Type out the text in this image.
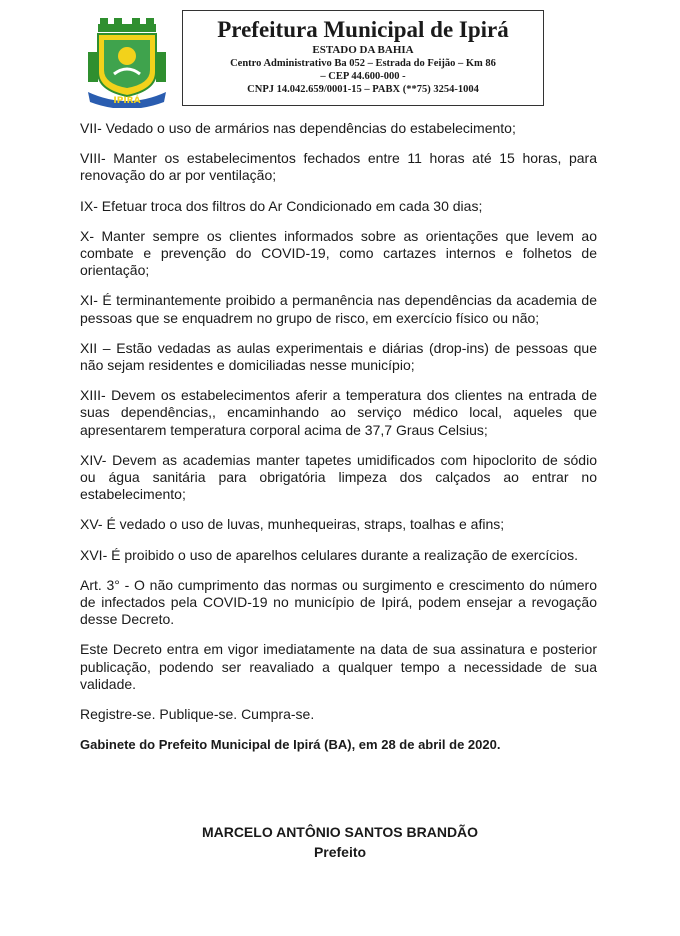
IPIRÁ
Prefeitura Municipal de Ipirá
ESTADO DA BAHIA
Centro Administrativo Ba 052 – Estrada do Feijão – Km 86
– CEP 44.600-000 -
CNPJ 14.042.659/0001-15 – PABX (**75) 3254-1004

VII- Vedado o uso de armários nas dependências do estabelecimento;

VIII- Manter os estabelecimentos fechados entre 11 horas até 15 horas, para renovação do ar por ventilação;

IX- Efetuar troca dos filtros do Ar Condicionado em cada 30 dias;

X- Manter sempre os clientes informados sobre as orientações que levem ao combate e prevenção do COVID-19, como cartazes internos e folhetos de orientação;

XI- É terminantemente proibido a permanência nas dependências da academia de pessoas que se enquadrem no grupo de risco, em exercício físico ou não;

XII – Estão vedadas as aulas experimentais e diárias (drop-ins) de pessoas que não sejam residentes e domiciliadas nesse município;

XIII- Devem os estabelecimentos aferir a temperatura dos clientes na entrada de suas dependências,, encaminhando ao serviço médico local, aqueles que apresentarem temperatura corporal acima de 37,7 Graus Celsius;

XIV- Devem as academias manter tapetes umidificados com hipoclorito de sódio ou água sanitária para obrigatória limpeza dos calçados ao entrar no estabelecimento;

XV- É vedado o uso de luvas, munhequeiras, straps, toalhas e afins;

XVI- É proibido o uso de aparelhos celulares durante a realização de exercícios.

Art. 3° - O não cumprimento das normas ou surgimento e crescimento do número de infectados pela COVID-19 no município de Ipirá, podem ensejar a revogação desse Decreto.

Este Decreto entra em vigor imediatamente na data de sua assinatura e posterior publicação, podendo ser reavaliado a qualquer tempo a necessidade de sua validade.

Registre-se. Publique-se. Cumpra-se.

Gabinete do Prefeito Municipal de Ipirá (BA), em 28 de abril de 2020.

MARCELO ANTÔNIO SANTOS BRANDÃO
Prefeito
